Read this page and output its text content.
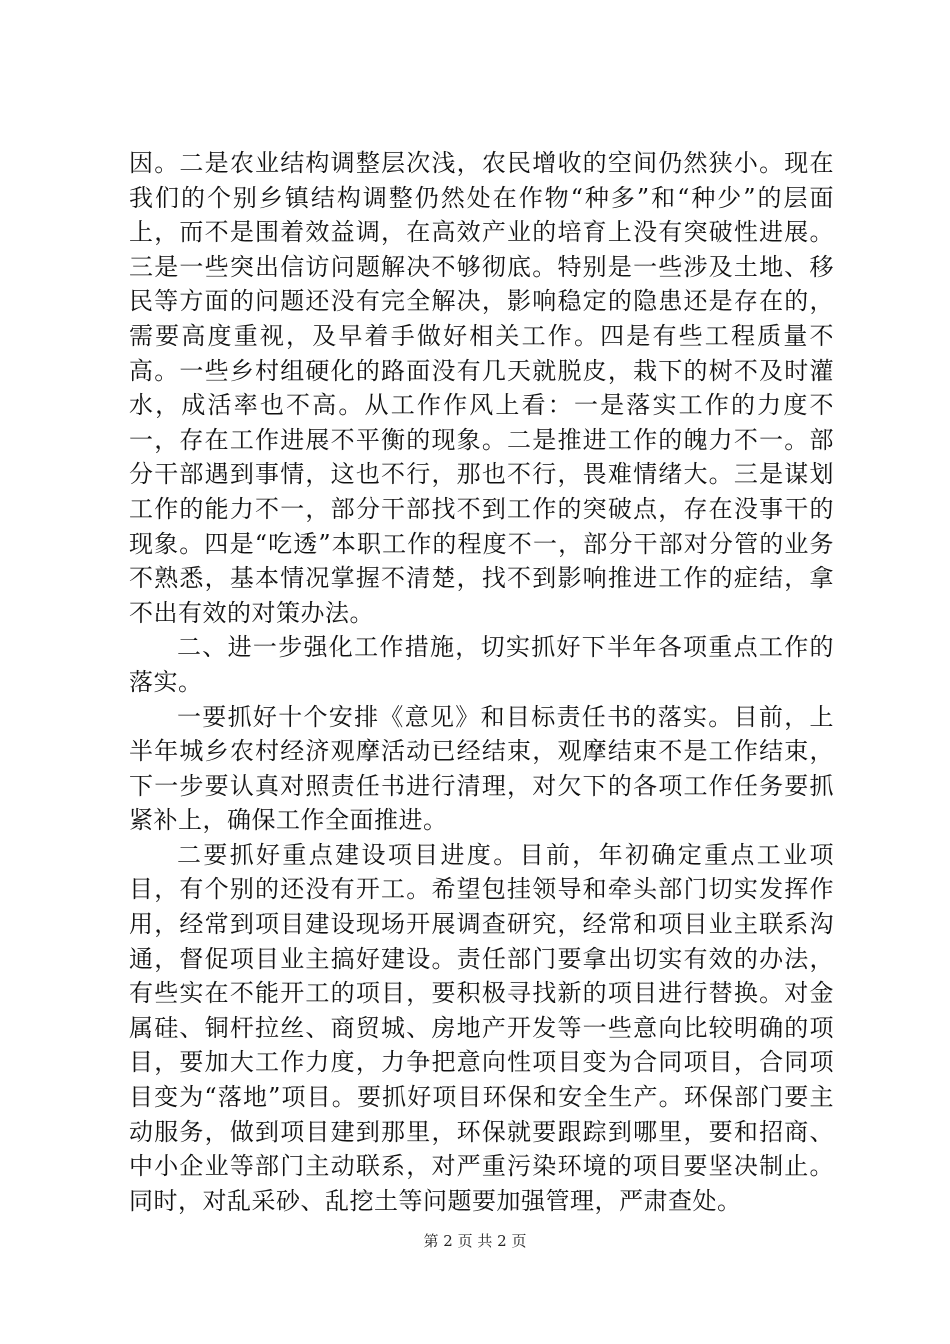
因。二是农业结构调整层次浅，农民增收的空间仍然狭小。现在我们的个别乡镇结构调整仍然处在作物“种多”和“种少”的层面上，而不是围着效益调，在高效产业的培育上没有突破性进展。三是一些突出信访问题解决不够彻底。特别是一些涉及土地、移民等方面的问题还没有完全解决，影响稳定的隐患还是存在的，需要高度重视，及早着手做好相关工作。四是有些工程质量不高。一些乡村组硬化的路面没有几天就脱皮，栽下的树不及时灌水，成活率也不高。从工作作风上看：一是落实工作的力度不一，存在工作进展不平衡的现象。二是推进工作的魄力不一。部分干部遇到事情，这也不行，那也不行，畏难情绪大。三是谋划工作的能力不一，部分干部找不到工作的突破点，存在没事干的现象。四是“吃透”本职工作的程度不一，部分干部对分管的业务不熟悉，基本情况掌握不清楚，找不到影响推进工作的症结，拿不出有效的对策办法。

二、进一步强化工作措施，切实抓好下半年各项重点工作的落实。

一要抓好十个安排《意见》和目标责任书的落实。目前，上半年城乡农村经济观摩活动已经结束，观摩结束不是工作结束，下一步要认真对照责任书进行清理，对欠下的各项工作任务要抓紧补上，确保工作全面推进。

二要抓好重点建设项目进度。目前，年初确定重点工业项目，有个别的还没有开工。希望包挂领导和牵头部门切实发挥作用，经常到项目建设现场开展调查研究，经常和项目业主联系沟通，督促项目业主搞好建设。责任部门要拿出切实有效的办法，有些实在不能开工的项目，要积极寻找新的项目进行替换。对金属硅、铜杆拉丝、商贸城、房地产开发等一些意向比较明确的项目，要加大工作力度，力争把意向性项目变为合同项目，合同项目变为“落地”项目。要抓好项目环保和安全生产。环保部门要主动服务，做到项目建到那里，环保就要跟踪到哪里，要和招商、中小企业等部门主动联系，对严重污染环境的项目要坚决制止。同时，对乱采砂、乱挖土等问题要加强管理，严肃查处。

第 2 页 共 2 页
